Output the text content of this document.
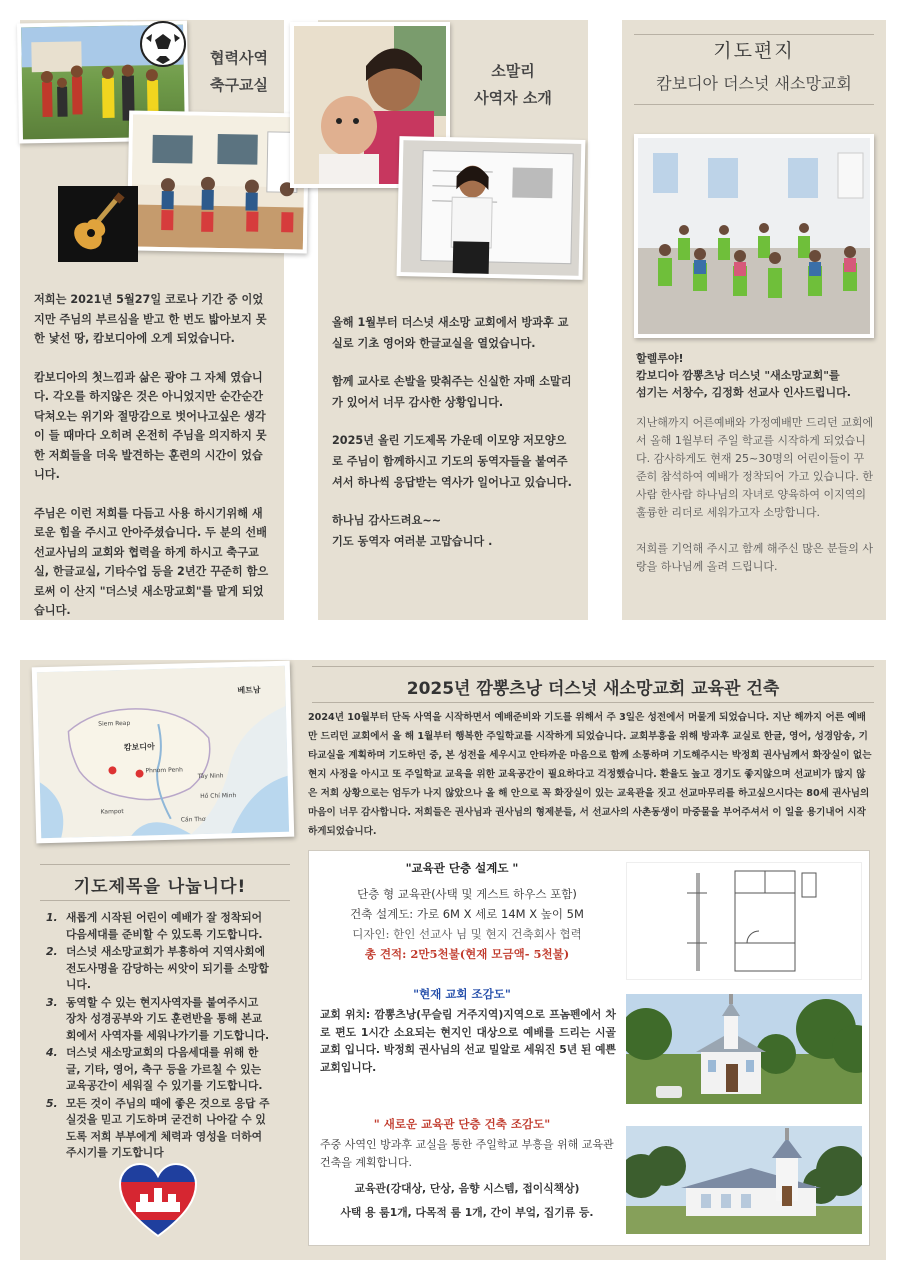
협력사역
축구교실

저희는 2021년 5월27일 코로나 기간 중 이었지만 주님의 부르심을 받고 한 번도 밟아보지 못한 낯선 땅, 캄보디아에 오게 되었습니다.

캄보디아의 첫느낌과 삶은 광야 그 자체 였습니다. 각오를 하지않은 것은 아니었지만 순간순간 닥쳐오는 위기와 절망감으로 벗어나고싶은 생각이 들 때마다 오히려 온전히 주님을 의지하지 못한 저희들을 더욱 발견하는 훈련의 시간이 었습니다.

주님은 이런 저희를 다듬고 사용 하시기위해 새로운 힘을 주시고 안아주셨습니다. 두 분의 선배 선교사님의 교회와 협력을 하게 하시고 축구교실, 한글교실, 기타수업 등을 2년간 꾸준히 함으로써 이 산지 "더스넛 새소망교회"를 맡게 되었습니다.

소말리
사역자 소개

올해 1월부터 더스넛 새소망 교회에서 방과후 교실로 기초 영어와 한글교실을 열었습니다.

함께 교사로 손발을 맞춰주는 신실한 자매 소말리가 있어서 너무 감사한 상황입니다.

2025년 올린 기도제목 가운데 이모양 저모양으로 주님이 함께하시고 기도의 동역자들을 붙여주셔서 하나씩 응답받는 역사가 일어나고 있습니다.

하나님 감사드려요~~
기도 동역자 여러분 고맙습니다 .

기도편지
캄보디아 더스넛 새소망교회
할렐루야!
캄보디아 깜뽕츠낭 더스넛 "새소망교회"를
섬기는 서창수, 김정화 선교사 인사드립니다.

지난해까지 어른예배와 가정예배만 드리던 교회에서 올해 1월부터 주일 학교를 시작하게 되었습니다. 감사하게도 현재 25~30명의 어린이들이 꾸준히 참석하여 예배가 정착되어 가고 있습니다. 한사람 한사람 하나님의 자녀로 양육하여 이지역의 훌륭한 리더로 세워가고자 소망합니다.

저희를 기억해 주시고 함께 해주신 많은 분들의 사랑을 하나님께 올려 드립니다.

베트남
캄보디아
Phnom Penh
Hồ Chí Minh
Cần Thơ
Tây Ninh
Kampot
Siem Reap
기도제목을 나눕니다!
1. 새롭게 시작된 어린이 예배가 잘 정착되어 다음세대를 준비할 수 있도록 기도합니다.
2. 더스넛 새소망교회가 부흥하여 지역사회에 전도사명을 감당하는 씨앗이 되기를 소망합니다.
3. 동역할 수 있는 현지사역자를 붙여주시고 장차 성경공부와 기도 훈련반을 통해 본교회에서 사역자를 세워나가기를 기도합니다.
4. 더스넛 새소망교회의 다음세대를 위해 한글, 기타, 영어, 축구 등을 가르칠 수 있는 교육공간이 세워질 수 있기를 기도합니다.
5. 모든 것이 주님의 때에 좋은 것으로 응답 주실것을 믿고 기도하며 굳건히 나아갈 수 있도록 저희 부부에게 체력과 영성을 더하여 주시기를 기도합니다
2025년 깜뽕츠낭 더스넛 새소망교회 교육관 건축
2024년 10월부터 단독 사역을 시작하면서 예배준비와 기도를 위해서 주 3일은 성전에서 머물게 되었습니다. 지난 해까지 어른 예배만 드리던 교회에서 올 해 1월부터 행복한 주일학교를 시작하게 되었습니다. 교회부흥을 위해 방과후 교실로 한글, 영어, 성경암송, 기타교실을 계획하며 기도하던 중, 본 성전을 세우시고 안타까운 마음으로 함께 소통하며 기도해주시는 박정희 권사님께서 화장실이 없는 현지 사정을 아시고 또 주일학교 교육을 위한 교육공간이 필요하다고 걱정했습니다. 환율도 높고 경기도 좋지않으며 선교비가 많지 않은 저희 상황으로는 엄두가 나지 않았으나 올 해 안으로 꼭 화장실이 있는 교육관을 짓고 선교마무리를 하고싶으시다는 80세 권사님의 마음이 너무 감사합니다. 저희들은 권사님과 권사님의 형제분들, 서 선교사의 사촌동생이 마중물을 부어주셔서 이 일을 용기내어 시작하게되었습니다.
"교육관 단층 설계도 "
단층 형 교육관(사택 및 게스트 하우스 포함)
건축 설계도: 가로 6M X 세로 14M X 높이 5M
디자인: 한인 선교사 님 및 현지 건축회사 협력
총 견적: 2만5천불(현재 모금액- 5천불)
"현재 교회 조감도"
교회 위치: 깜뽕츠낭(무슬림 거주지역)지역으로 프놈펜에서 차로 편도 1시간 소요되는 현지인 대상으로 예배를 드리는 시골교회 입니다. 박정희 권사님의 선교 밀알로 세워진 5년 된 예쁜 교회입니다.
" 새로운 교육관 단층 건축 조감도"
주중 사역인 방과후 교실을 통한 주일학교 부흥을 위해 교육관 건축을 계획합니다.
교육관(강대상, 단상, 음향 시스템, 접이식책상)
사택 용 룸1개, 다목적 룸 1개, 간이 부엌, 집기류 등.
